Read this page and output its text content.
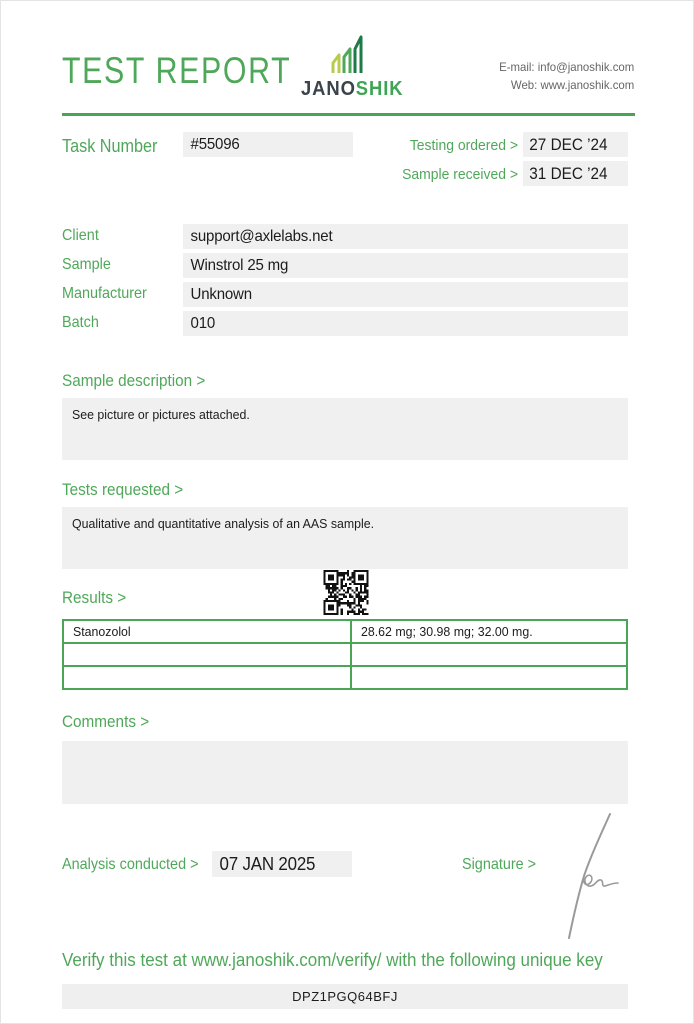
TEST REPORT JANOSHIK
E-mail: info@janoshik.com
Web: www.janoshik.com
Task Number	#55096	Testing ordered > 27 DEC ’24
Sample received > 31 DEC ’24
Client	support@axlelabs.net
Sample	Winstrol 25 mg
Manufacturer	Unknown
Batch	010
Sample description >
See picture or pictures attached.
Tests requested >
Qualitative and quantitative analysis of an AAS sample.
Results >
Stanozolol	28.62 mg; 30.98 mg; 32.00 mg.

Comments >
Analysis conducted >	07 JAN 2025	Signature >
Verify this test at www.janoshik.com/verify/ with the following unique key
DPZ1PGQ64BFJ
